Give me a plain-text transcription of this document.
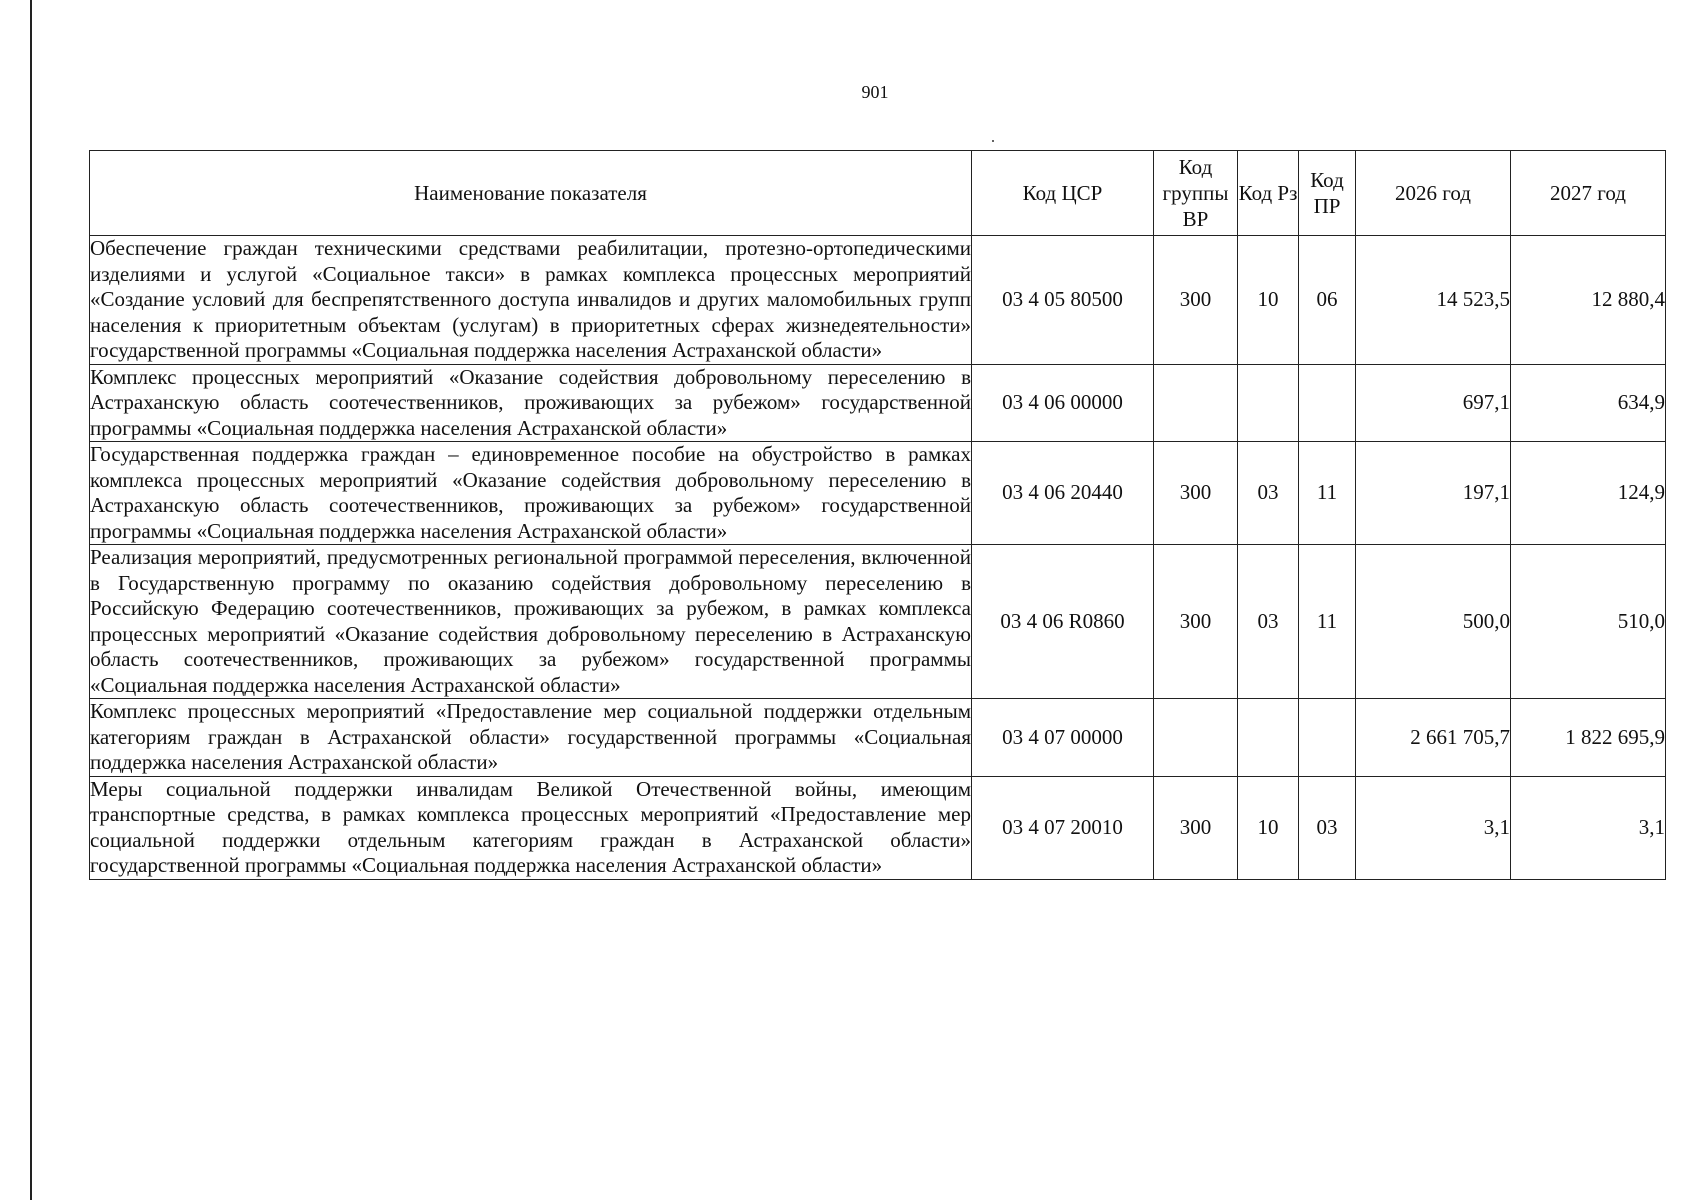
901
Наименование показателя	Код ЦСР	Код группы ВР	Код Рз	Код ПР	2026 год	2027 год
Обеспечение граждан техническими средствами реабилитации, протезно-ортопедическими изделиями и услугой «Социальное такси» в рамках комплекса процессных мероприятий «Создание условий для беспрепятственного доступа инвалидов и других маломобильных групп населения к приоритетным объектам (услугам) в приоритетных сферах жизнедеятельности» государственной программы «Социальная поддержка населения Астраханской области»	03 4 05 80500	300	10	06	14 523,5	12 880,4
Комплекс процессных мероприятий «Оказание содействия добровольному переселению в Астраханскую область соотечественников, проживающих за рубежом» государственной программы «Социальная поддержка населения Астраханской области»	03 4 06 00000				697,1	634,9
Государственная поддержка граждан – единовременное пособие на обустройство в рамках комплекса процессных мероприятий «Оказание содействия добровольному переселению в Астраханскую область соотечественников, проживающих за рубежом» государственной программы «Социальная поддержка населения Астраханской области»	03 4 06 20440	300	03	11	197,1	124,9
Реализация мероприятий, предусмотренных региональной программой переселения, включенной в Государственную программу по оказанию содействия добровольному переселению в Российскую Федерацию соотечественников, проживающих за рубежом, в рамках комплекса процессных мероприятий «Оказание содействия добровольному переселению в Астраханскую область соотечественников, проживающих за рубежом» государственной программы «Социальная поддержка населения Астраханской области»	03 4 06 R0860	300	03	11	500,0	510,0
Комплекс процессных мероприятий «Предоставление мер социальной поддержки отдельным категориям граждан в Астраханской области» государственной программы «Социальная поддержка населения Астраханской области»	03 4 07 00000				2 661 705,7	1 822 695,9
Меры социальной поддержки инвалидам Великой Отечественной войны, имеющим транспортные средства, в рамках комплекса процессных мероприятий «Предоставление мер социальной поддержки отдельным категориям граждан в Астраханской области» государственной программы «Социальная поддержка населения Астраханской области»	03 4 07 20010	300	10	03	3,1	3,1
